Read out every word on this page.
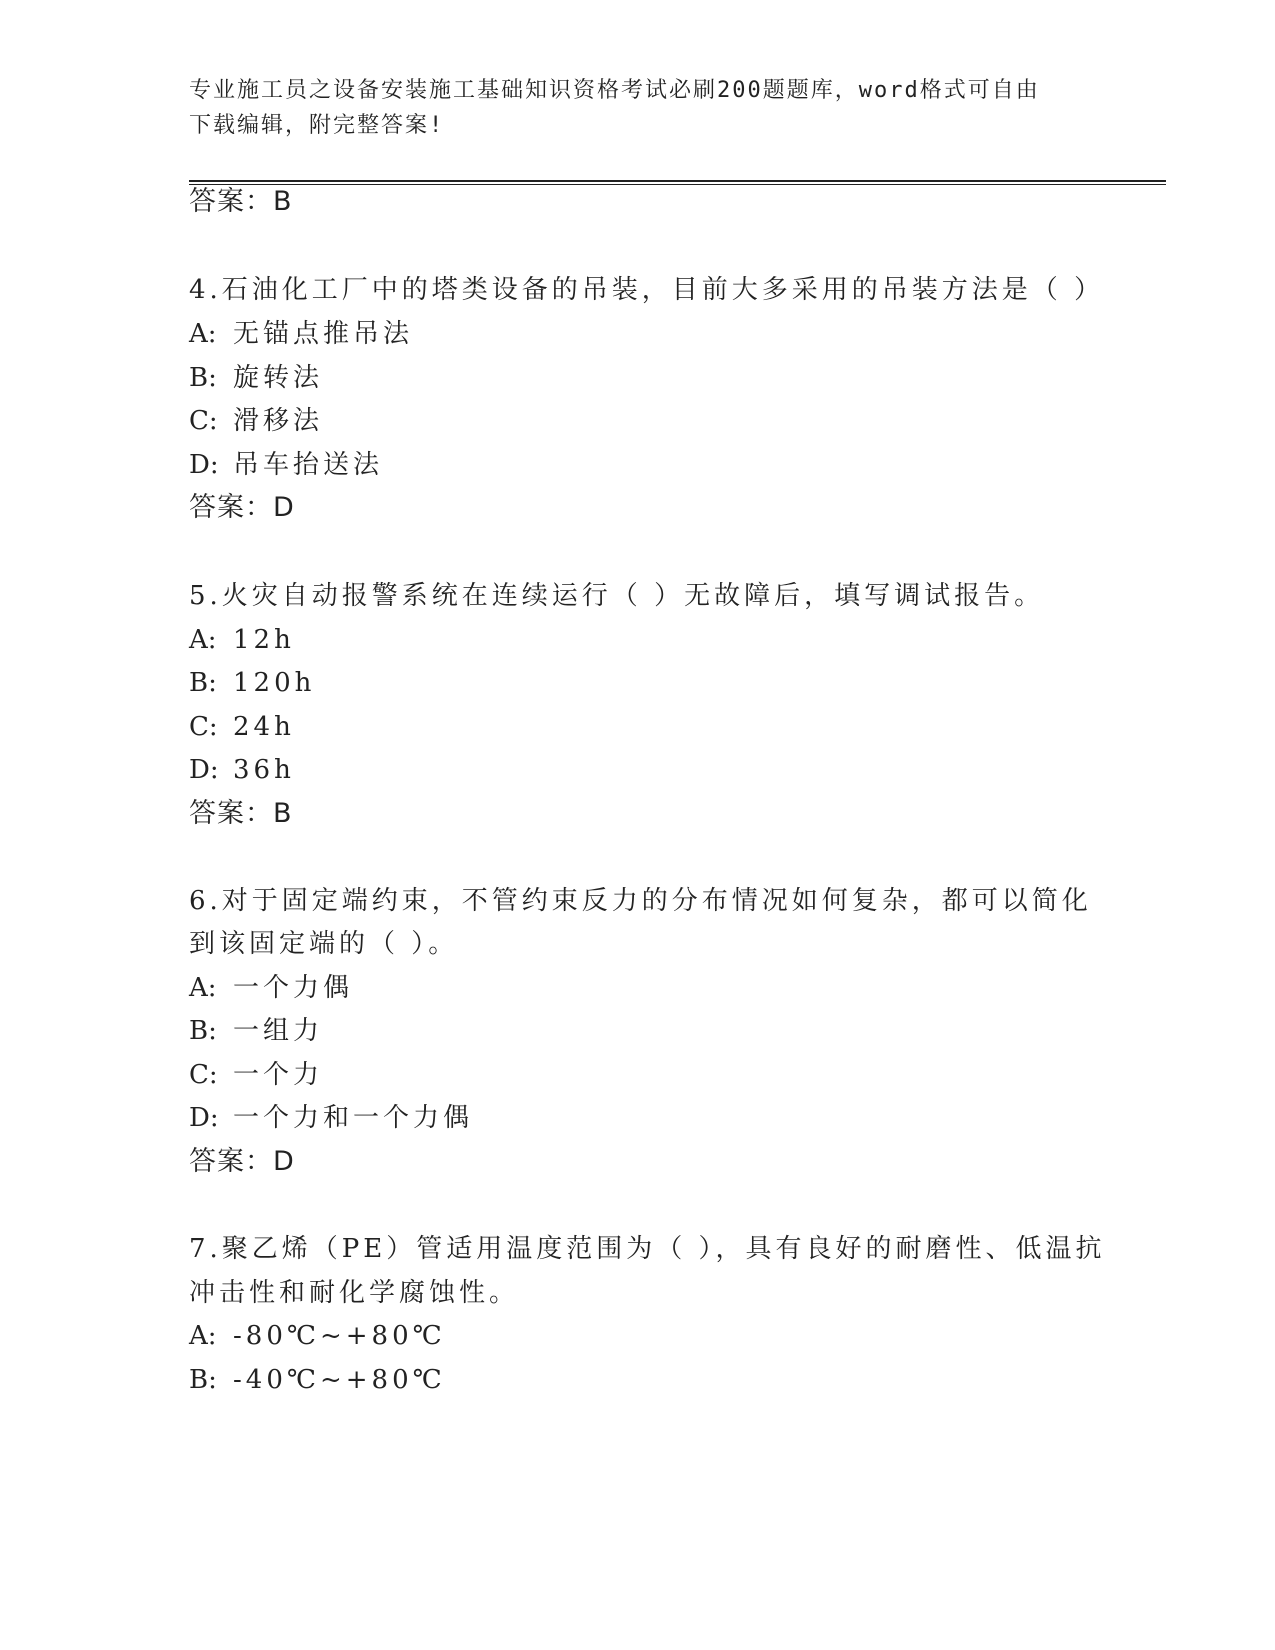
专业施工员之设备安装施工基础知识资格考试必刷200题题库，word格式可自由
下载编辑，附完整答案!
答案：B
4.石油化工厂中的塔类设备的吊装，目前大多采用的吊装方法是（ ）
A: 无锚点推吊法
B: 旋转法
C: 滑移法
D: 吊车抬送法
答案：D
5.火灾自动报警系统在连续运行（ ）无故障后，填写调试报告。
A: 12h
B: 120h
C: 24h
D: 36h
答案：B
6.对于固定端约束，不管约束反力的分布情况如何复杂，都可以简化
到该固定端的（ ）。
A: 一个力偶
B: 一组力
C: 一个力
D: 一个力和一个力偶
答案：D
7.聚乙烯（PE）管适用温度范围为（ ），具有良好的耐磨性、低温抗
冲击性和耐化学腐蚀性。
A: -80℃~+80℃
B: -40℃~+80℃
